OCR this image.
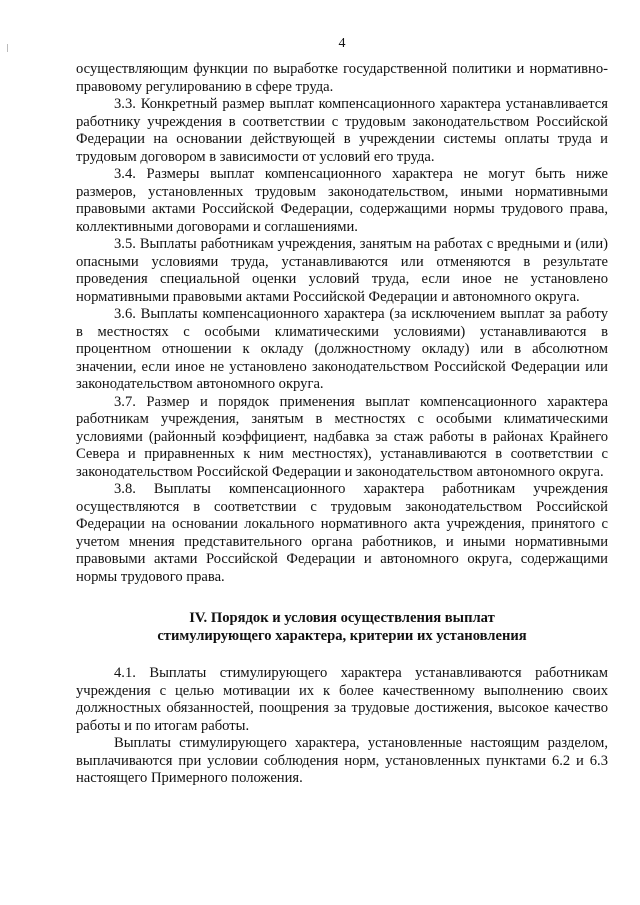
4

осуществляющим функции по выработке государственной политики и нормативно-правовому регулированию в сфере труда.

3.3. Конкретный размер выплат компенсационного характера устанавливается работнику учреждения в соответствии с трудовым законодательством Российской Федерации на основании действующей в учреждении системы оплаты труда и трудовым договором в зависимости от условий его труда.

3.4. Размеры выплат компенсационного характера не могут быть ниже размеров, установленных трудовым законодательством, иными нормативными правовыми актами Российской Федерации, содержащими нормы трудового права, коллективными договорами и соглашениями.

3.5. Выплаты работникам учреждения, занятым на работах с вредными и (или) опасными условиями труда, устанавливаются или отменяются в результате проведения специальной оценки условий труда, если иное не установлено нормативными правовыми актами Российской Федерации и автономного округа.

3.6. Выплаты компенсационного характера (за исключением выплат за работу в местностях с особыми климатическими условиями) устанавливаются в процентном отношении к окладу (должностному окладу) или в абсолютном значении, если иное не установлено законодательством Российской Федерации или законодательством автономного округа.

3.7. Размер и порядок применения выплат компенсационного характера работникам учреждения, занятым в местностях с особыми климатическими условиями (районный коэффициент, надбавка за стаж работы в районах Крайнего Севера и приравненных к ним местностях), устанавливаются в соответствии с законодательством Российской Федерации и законодательством автономного округа.

3.8. Выплаты компенсационного характера работникам учреждения осуществляются в соответствии с трудовым законодательством Российской Федерации на основании локального нормативного акта учреждения, принятого с учетом мнения представительного органа работников, и иными нормативными правовыми актами Российской Федерации и автономного округа, содержащими нормы трудового права.

IV. Порядок и условия осуществления выплат
стимулирующего характера, критерии их установления

4.1. Выплаты стимулирующего характера устанавливаются работникам учреждения с целью мотивации их к более качественному выполнению своих должностных обязанностей, поощрения за трудовые достижения, высокое качество работы и по итогам работы.

Выплаты стимулирующего характера, установленные настоящим разделом, выплачиваются при условии соблюдения норм, установленных пунктами 6.2 и 6.3 настоящего Примерного положения.
